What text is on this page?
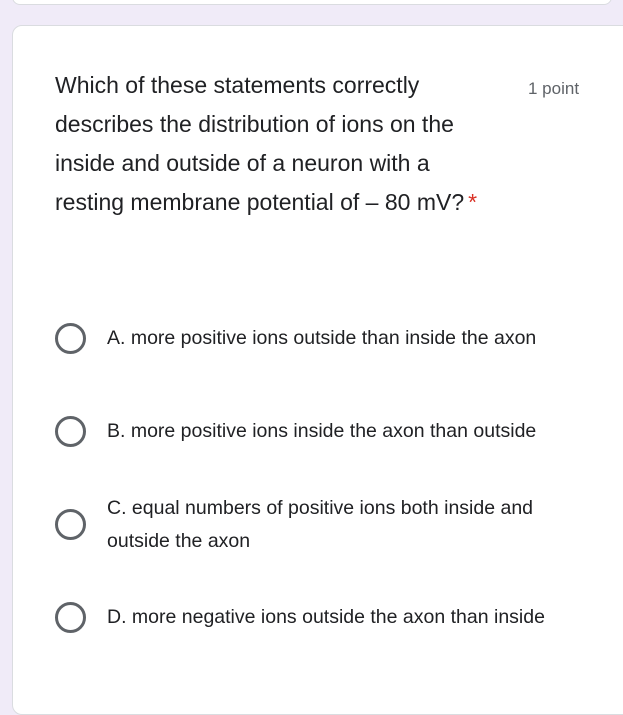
Which of these statements correctly describes the distribution of ions on the inside and outside of a neuron with a resting membrane potential of – 80 mV? *
1 point
A. more positive ions outside than inside the axon
B. more positive ions inside the axon than outside
C. equal numbers of positive ions both inside and outside the axon
D. more negative ions outside the axon than inside
